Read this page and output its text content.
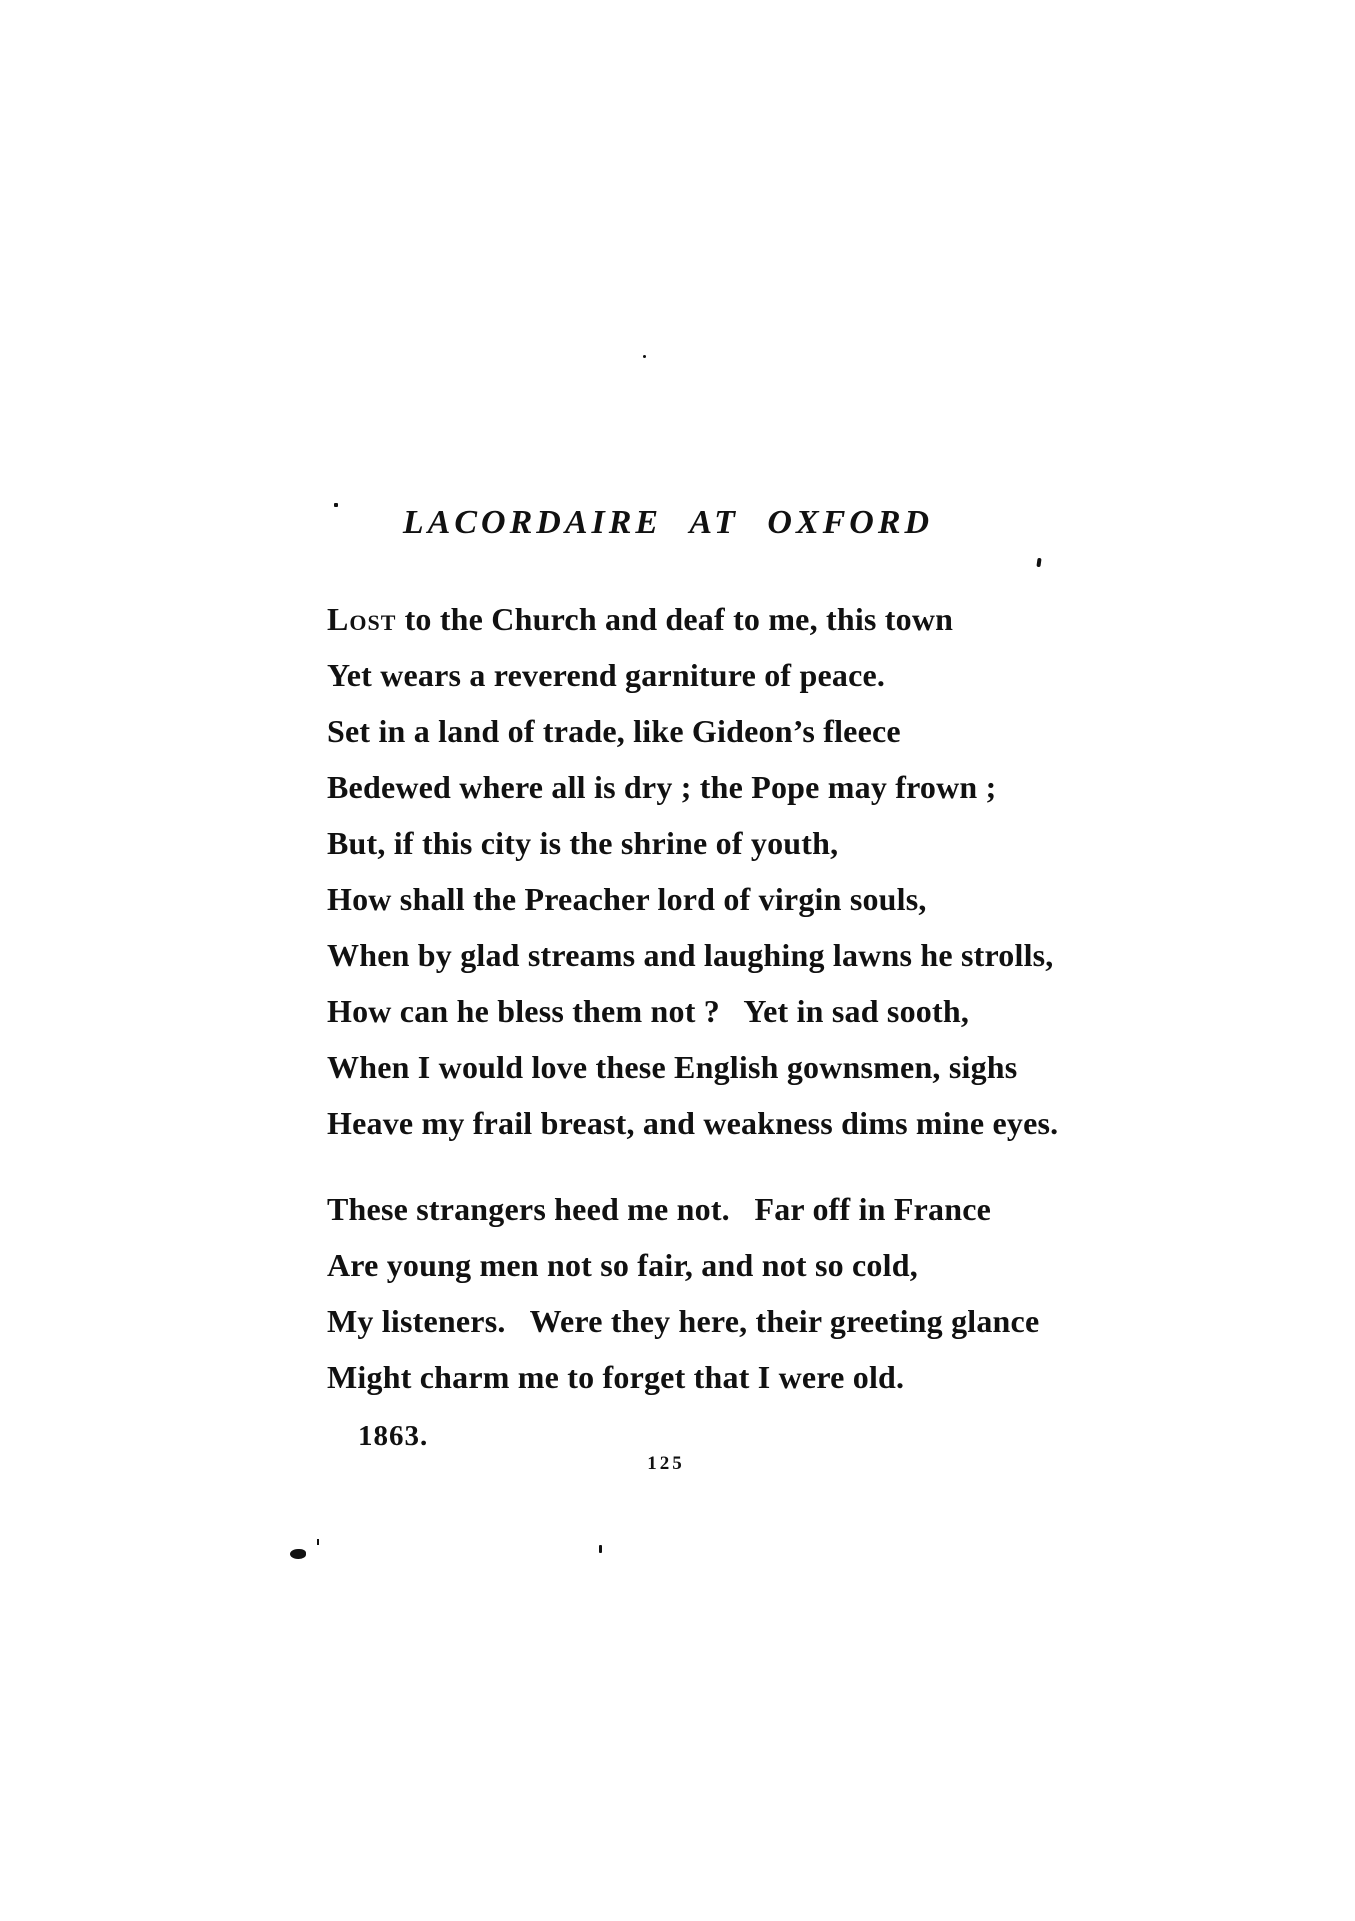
LACORDAIRE AT OXFORD
Lost to the Church and deaf to me, this town
Yet wears a reverend garniture of peace.
Set in a land of trade, like Gideon’s fleece
Bedewed where all is dry ; the Pope may frown ;
But, if this city is the shrine of youth,
How shall the Preacher lord of virgin souls,
When by glad streams and laughing lawns he strolls,
How can he bless them not ?   Yet in sad sooth,
When I would love these English gownsmen, sighs
Heave my frail breast, and weakness dims mine eyes.
These strangers heed me not.   Far off in France
Are young men not so fair, and not so cold,
My listeners.   Were they here, their greeting glance
Might charm me to forget that I were old.
1863.
125
